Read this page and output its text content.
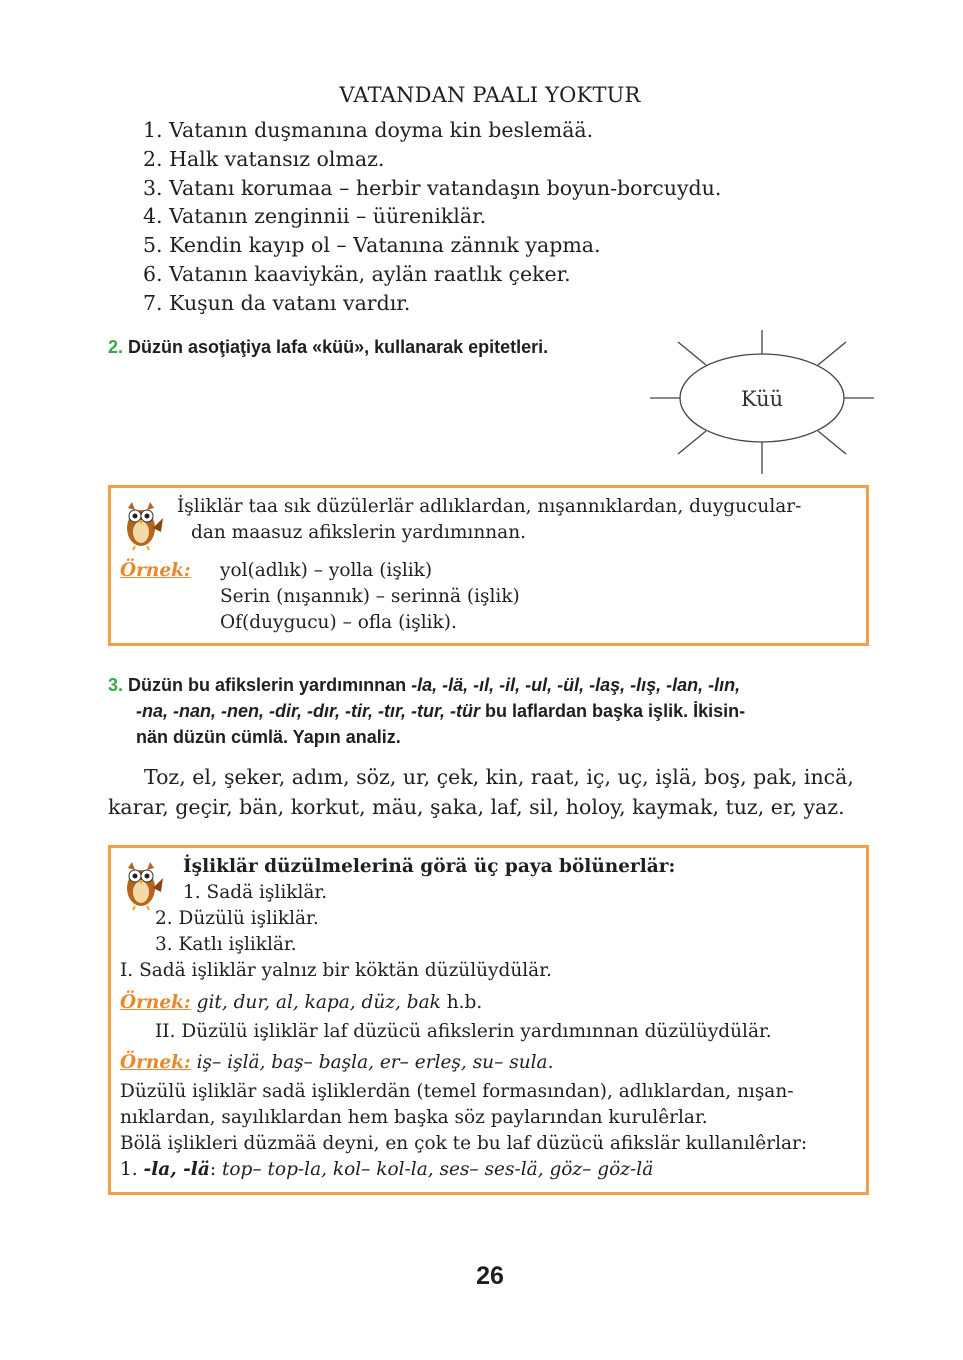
VATANDAN PAALI YOKTUR
1. Vatanın duşmanına doyma kin beslemää.
2. Halk vatansız olmaz.
3. Vatanı korumaa – herbir vatandaşın boyun-borcuydu.
4. Vatanın zenginnii – üüreniklär.
5. Kendin kayıp ol – Vatanına zännık yapma.
6. Vatanın kaaviykän, aylän raatlık çeker.
7. Kuşun da vatanı vardır.
2. Düzün asoţiaţiya lafa «küü», kullanarak epitetleri.
Küü
İşliklär taa sık düzülerlär adlıklardan, nışannıklardan, duygucular-
dan maasuz afikslerin yardımınnan.
Örnek: yol(adlık) – yolla (işlik)
Serin (nışannık) – serinnä (işlik)
Of(duygucu) – ofla (işlik).
3. Düzün bu afikslerin yardımınnan -la, -lä, -ıl, -il, -ul, -ül, -laş, -lış, -lan, -lın,
-na, -nan, -nen, -dir, -dır, -tir, -tır, -tur, -tür bu laflardan başka işlik. İkisin-
nän düzün cümlä. Yapın analiz.
Toz, el, şeker, adım, söz, ur, çek, kin, raat, iç, uç, işlä, boş, pak, incä, karar, geçir, bän, korkut, mäu, şaka, laf, sil, holoy, kaymak, tuz, er, yaz.
İşliklär düzülmelerinä görä üç paya bölünerlär:
1. Sadä işliklär.
2. Düzülü işliklär.
3. Katlı işliklär.
I. Sadä işliklär yalnız bir köktän düzülüydülär.
Örnek: git, dur, al, kapa, düz, bak h.b.
II. Düzülü işliklär laf düzücü afikslerin yardımınnan düzülüydülär.
Örnek: iş– işlä, baş– başla, er– erleş, su– sula.
Düzülü işliklär sadä işliklerdän (temel formasından), adlıklardan, nışan-
nıklardan, sayılıklardan hem başka söz paylarından kurulêrlar.
Bölä işlikleri düzmää deyni, en çok te bu laf düzücü afikslär kullanılêrlar:
1. -la, -lä: top– top-la, kol– kol-la, ses– ses-lä, göz– göz-lä
26
